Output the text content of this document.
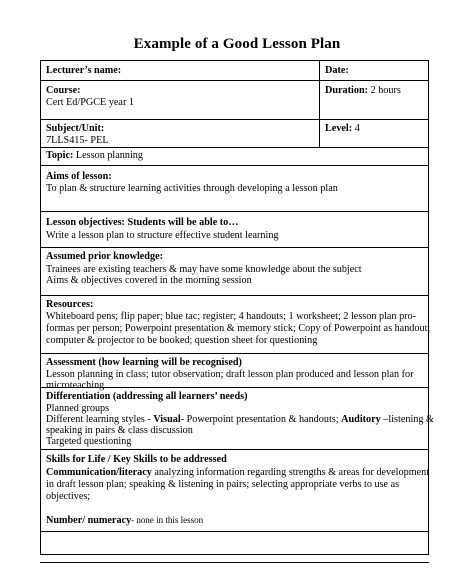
Example of a Good Lesson Plan
Lecturer’s name:	Date:
Course:
Cert Ed/PGCE year 1
Duration: 2 hours
Subject/Unit:
7LLS415- PEL
Level: 4
Topic: Lesson planning
Aims of lesson:
To plan & structure learning activities through developing a lesson plan
Lesson objectives: Students will be able to…
Write a lesson plan to structure effective student learning
Assumed prior knowledge:
Trainees are existing teachers & may have some knowledge about the subject
Aims & objectives covered in the morning session
Resources:
Whiteboard pens; flip paper; blue tac; register; 4 handouts; 1 worksheet; 2 lesson plan pro-
formas per person; Powerpoint presentation & memory stick; Copy of Powerpoint as handout;
computer & projector to be booked; question sheet for questioning
Assessment (how learning will be recognised)
Lesson planning in class; tutor observation; draft lesson plan produced and lesson plan for
microteaching
Differentiation (addressing all learners’ needs)
Planned groups
Different learning styles - Visual- Powerpoint presentation & handouts; Auditory –listening &
speaking in pairs & class discussion
Targeted questioning
Skills for Life / Key Skills to be addressed
Communication/literacy analyzing information regarding strengths & areas for development
in draft lesson plan; speaking & listening in pairs; selecting appropriate verbs to use as
objectives;
Number/ numeracy- none in this lesson
